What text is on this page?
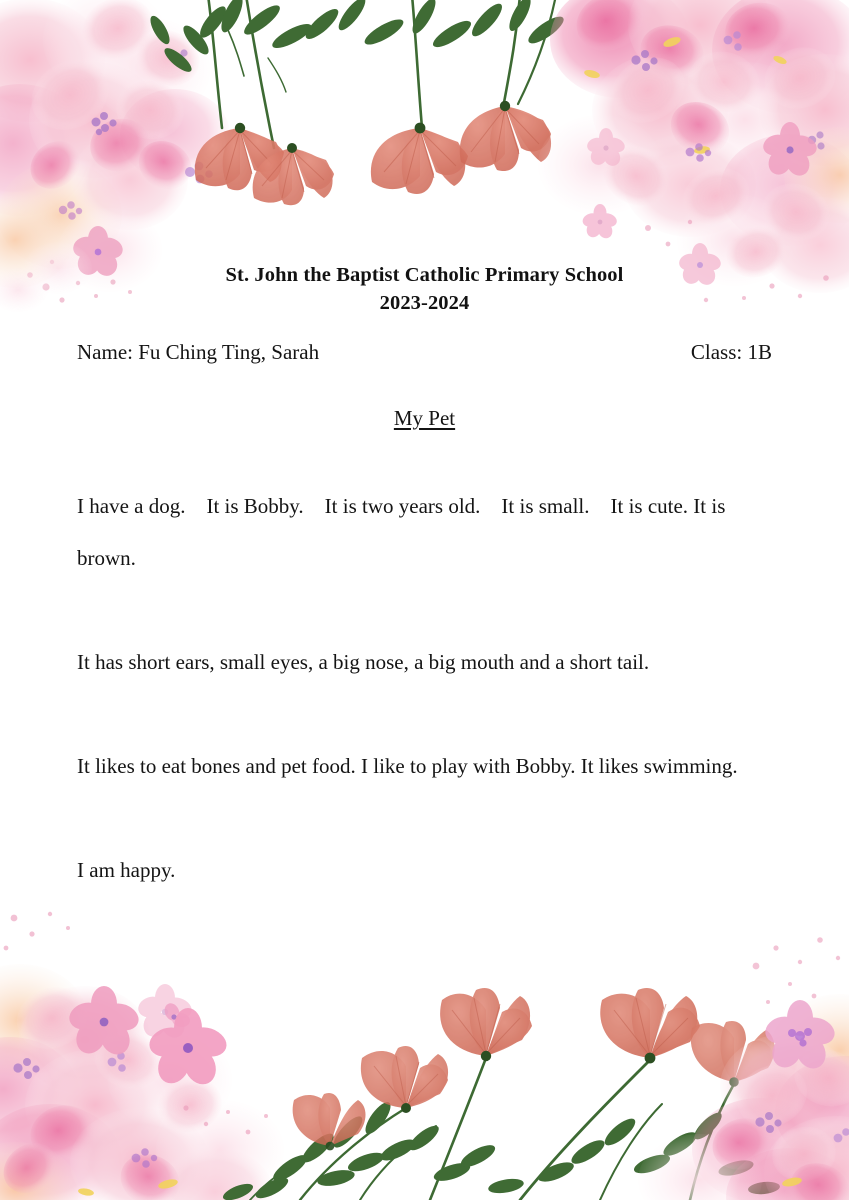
St. John the Baptist Catholic Primary School
2023-2024
Name: Fu Ching Ting, Sarah	Class: 1B
My Pet

I have a dog.    It is Bobby.    It is two years old.    It is small.    It is cute. It is brown.

It has short ears, small eyes, a big nose, a big mouth and a short tail.

It likes to eat bones and pet food. I like to play with Bobby. It likes swimming.

I am happy.
